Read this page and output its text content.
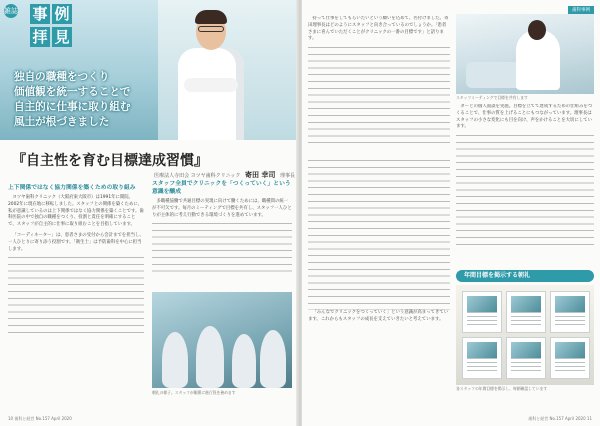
雑誌 事 例
拝 見
独自の職種をつくり
価値観を統一することで
自主的に仕事に取り組む
風土が根づきました
『自主性を育む目標達成習慣』
医療法人寺田会 ヨツヤ歯科クリニック 寄田 幸司 理事長
上下関係ではなく協力関係を築くための取り組み

ヨツヤ歯科クリニック（大阪府東大阪市）は1991年に開院。2002年に現在地に移転しました。スタッフとの関係を築くために、私が意識しているのは上下関係ではなく協力関係を築くことです。歯科医院の中で独自の職種をつくり、役割と責任を明確にすることで、スタッフが自主的に仕事に取り組むことを目指しています。

「コーディネーター」は、患者さまの受付から会計までを担当し、一人ひとりに寄り添う役割です。「衛生士」は予防歯科を中心に担当します。

スタッフ全員でクリニックを「つくっていく」という意識を醸成

多職種協働で共通目標の実現に向けて働くためには、職種間の統一が不可欠です。毎月のミーティングで目標を共有し、スタッフ一人ひとりが主体的に考え行動できる環境づくりを進めています。

朝礼の様子。スタッフが順番に進行役を務めます
10 歯科と経営 No.157 April 2020
歯科事例

持って仕事をしてもらいたいという願いを込めて、名付けました。寄田理事長はどのようにスタッフと向き合っているのでしょうか。「患者さまに喜んでいただくことがクリニックの一番の目標です」と語ります。

スタッフミーティングで目標を共有します

ダーとの個人面談を実施。目標を立てて達成するための仕組みをつくることで、仕事の質を上げることにもつながっています。理事長はスタッフの小さな変化にも目を向け、声をかけることを大切にしています。

「みんなでクリニックをつくっていく」という意識が高まってきています。これからもスタッフの成長を支えていきたいと考えています。

年間目標を掲示する朝礼
各スタッフの年間目標を掲示し、毎朝確認しています
歯科と経営 No.157 April 2020 11
